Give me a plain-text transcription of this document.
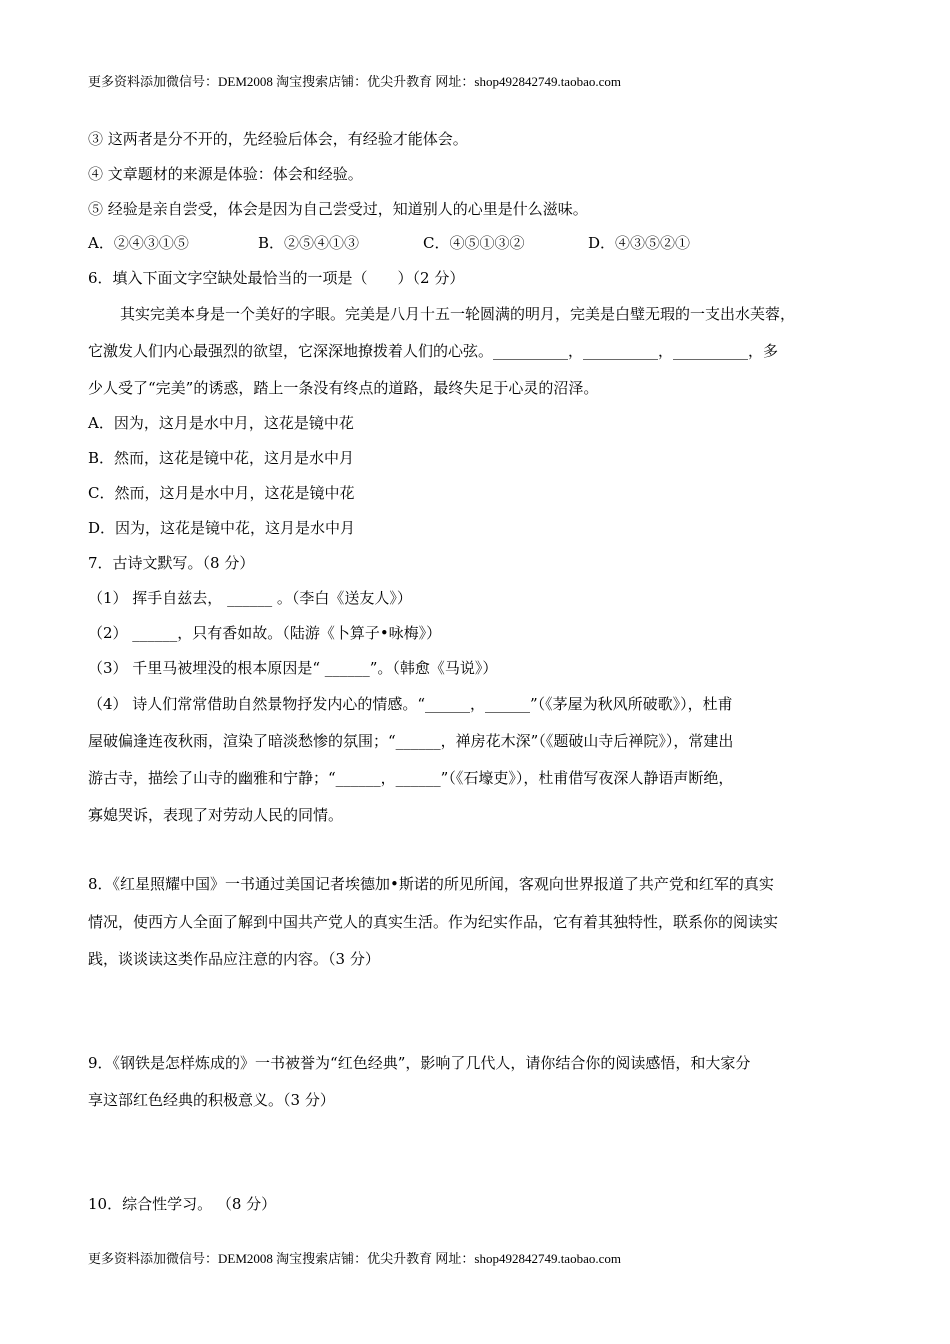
更多资料添加微信号：DEM2008 淘宝搜索店铺：优尖升教育 网址：shop492842749.taobao.com
③ 这两者是分不开的，先经验后体会，有经验才能体会。
④ 文章题材的来源是体验：体会和经验。
⑤ 经验是亲自尝受，体会是因为自己尝受过，知道别人的心里是什么滋味。
A．②④③①⑤	B．②⑤④①③	C．④⑤①③②	D．④③⑤②①
6．填入下面文字空缺处最恰当的一项是（　　）（2 分）
其实完美本身是一个美好的字眼。完美是八月十五一轮圆满的明月，完美是白璧无瑕的一支出水芙蓉，
它激发人们内心最强烈的欲望，它深深地撩拨着人们的心弦。__________，__________，__________，多
少人受了“完美”的诱惑，踏上一条没有终点的道路，最终失足于心灵的沼泽。
A．因为，这月是水中月，这花是镜中花
B．然而，这花是镜中花，这月是水中月
C．然而，这月是水中月，这花是镜中花
D．因为，这花是镜中花，这月是水中月
7．古诗文默写。（8 分）
（1） 挥手自兹去， ______ 。（李白《送友人》）
（2） ______，只有香如故。（陆游《卜算子•咏梅》）
（3） 千里马被埋没的根本原因是“ ______”。（韩愈《马说》）
（4） 诗人们常常借助自然景物抒发内心的情感。“______，______”（《茅屋为秋风所破歌》），杜甫
屋破偏逢连夜秋雨，渲染了暗淡愁惨的氛围；“______，禅房花木深”（《题破山寺后禅院》），常建出
游古寺，描绘了山寺的幽雅和宁静；“______，______”（《石壕吏》），杜甫借写夜深人静语声断绝，
寡媳哭诉，表现了对劳动人民的同情。
8．《红星照耀中国》一书通过美国记者埃德加•斯诺的所见所闻，客观向世界报道了共产党和红军的真实
情况，使西方人全面了解到中国共产党人的真实生活。作为纪实作品，它有着其独特性，联系你的阅读实
践，谈谈读这类作品应注意的内容。（3 分）
9．《钢铁是怎样炼成的》一书被誉为“红色经典”，影响了几代人，请你结合你的阅读感悟，和大家分
享这部红色经典的积极意义。（3 分）
10．综合性学习。 （8 分）
更多资料添加微信号：DEM2008 淘宝搜索店铺：优尖升教育 网址：shop492842749.taobao.com
